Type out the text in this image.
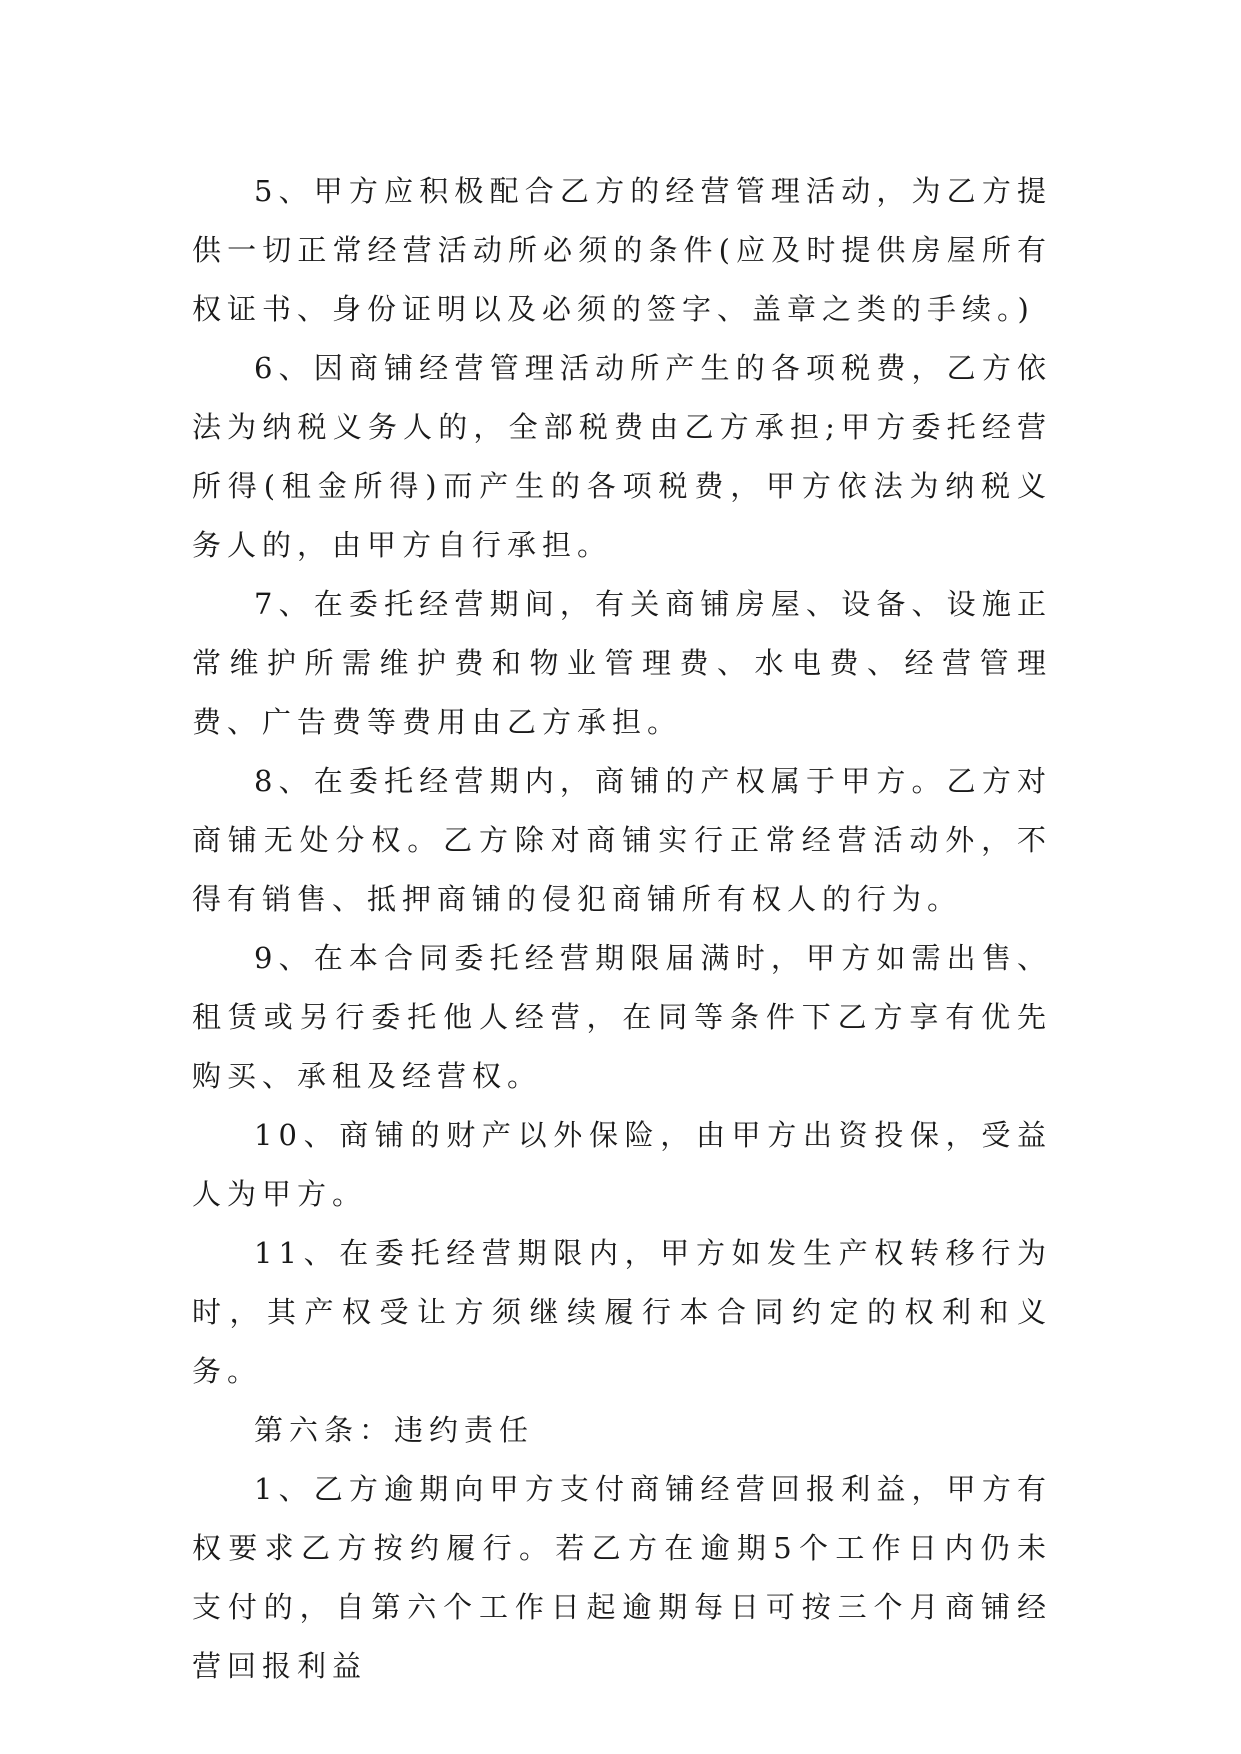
5、甲方应积极配合乙方的经营管理活动，为乙方提供一切正常经营活动所必须的条件(应及时提供房屋所有权证书、身份证明以及必须的签字、盖章之类的手续。)

6、因商铺经营管理活动所产生的各项税费，乙方依法为纳税义务人的，全部税费由乙方承担;甲方委托经营所得(租金所得)而产生的各项税费，甲方依法为纳税义务人的，由甲方自行承担。

7、在委托经营期间，有关商铺房屋、设备、设施正常维护所需维护费和物业管理费、水电费、经营管理费、广告费等费用由乙方承担。

8、在委托经营期内，商铺的产权属于甲方。乙方对商铺无处分权。乙方除对商铺实行正常经营活动外，不得有销售、抵押商铺的侵犯商铺所有权人的行为。

9、在本合同委托经营期限届满时，甲方如需出售、租赁或另行委托他人经营，在同等条件下乙方享有优先购买、承租及经营权。

10、商铺的财产以外保险，由甲方出资投保，受益人为甲方。

11、在委托经营期限内，甲方如发生产权转移行为时，其产权受让方须继续履行本合同约定的权利和义务。

第六条：违约责任

1、乙方逾期向甲方支付商铺经营回报利益，甲方有权要求乙方按约履行。若乙方在逾期5个工作日内仍未支付的，自第六个工作日起逾期每日可按三个月商铺经营回报利益
